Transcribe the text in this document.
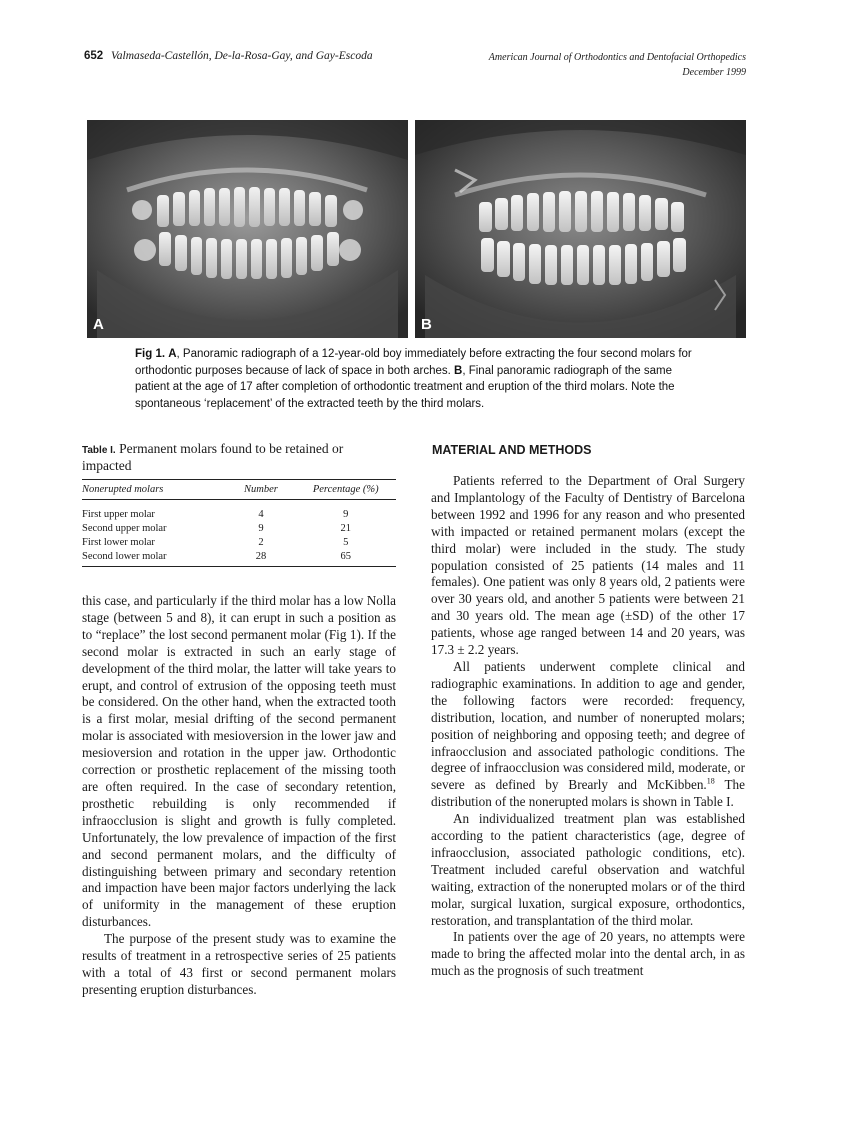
652 Valmaseda-Castellón, De-la-Rosa-Gay, and Gay-Escoda	American Journal of Orthodontics and Dentofacial Orthopedics
December 1999
A	B
Fig 1. A, Panoramic radiograph of a 12-year-old boy immediately before extracting the four second molars for orthodontic purposes because of lack of space in both arches. B, Final panoramic radiograph of the same patient at the age of 17 after completion of orthodontic treatment and eruption of the third molars. Note the spontaneous ‘replacement’ of the extracted teeth by the third molars.

Table I. Permanent molars found to be retained or impacted

Nonerupted molars	Number	Percentage (%)
First upper molar	4	9
Second upper molar	9	21
First lower molar	2	5
Second lower molar	28	65

this case, and particularly if the third molar has a low Nolla stage (between 5 and 8), it can erupt in such a position as to “replace” the lost second permanent molar (Fig 1). If the second molar is extracted in such an early stage of development of the third molar, the latter will take years to erupt, and control of extrusion of the opposing teeth must be considered. On the other hand, when the extracted tooth is a first molar, mesial drifting of the second permanent molar is associated with mesioversion in the lower jaw and mesioversion and rotation in the upper jaw. Orthodontic correction or prosthetic replacement of the missing tooth are often required. In the case of secondary retention, prosthetic rebuilding is only recommended if infraocclusion is slight and growth is fully completed. Unfortunately, the low prevalence of impaction of the first and second permanent molars, and the difficulty of distinguishing between primary and secondary retention and impaction have been major factors underlying the lack of uniformity in the management of these eruption disturbances.

The purpose of the present study was to examine the results of treatment in a retrospective series of 25 patients with a total of 43 first or second permanent molars presenting eruption disturbances.

MATERIAL AND METHODS

Patients referred to the Department of Oral Surgery and Implantology of the Faculty of Dentistry of Barcelona between 1992 and 1996 for any reason and who presented with impacted or retained permanent molars (except the third molar) were included in the study. The study population consisted of 25 patients (14 males and 11 females). One patient was only 8 years old, 2 patients were over 30 years old, and another 5 patients were between 21 and 30 years old. The mean age (±SD) of the other 17 patients, whose age ranged between 14 and 20 years, was 17.3 ± 2.2 years.

All patients underwent complete clinical and radiographic examinations. In addition to age and gender, the following factors were recorded: frequency, distribution, location, and number of nonerupted molars; position of neighboring and opposing teeth; and degree of infraocclusion and associated pathologic conditions. The degree of infraocclusion was considered mild, moderate, or severe as defined by Brearly and McKibben.$^{18}$ The distribution of the nonerupted molars is shown in Table I.

An individualized treatment plan was established according to the patient characteristics (age, degree of infraocclusion, associated pathologic conditions, etc). Treatment included careful observation and watchful waiting, extraction of the nonerupted molars or of the third molar, surgical luxation, surgical exposure, orthodontics, restoration, and transplantation of the third molar.

In patients over the age of 20 years, no attempts were made to bring the affected molar into the dental arch, in as much as the prognosis of such treatment
